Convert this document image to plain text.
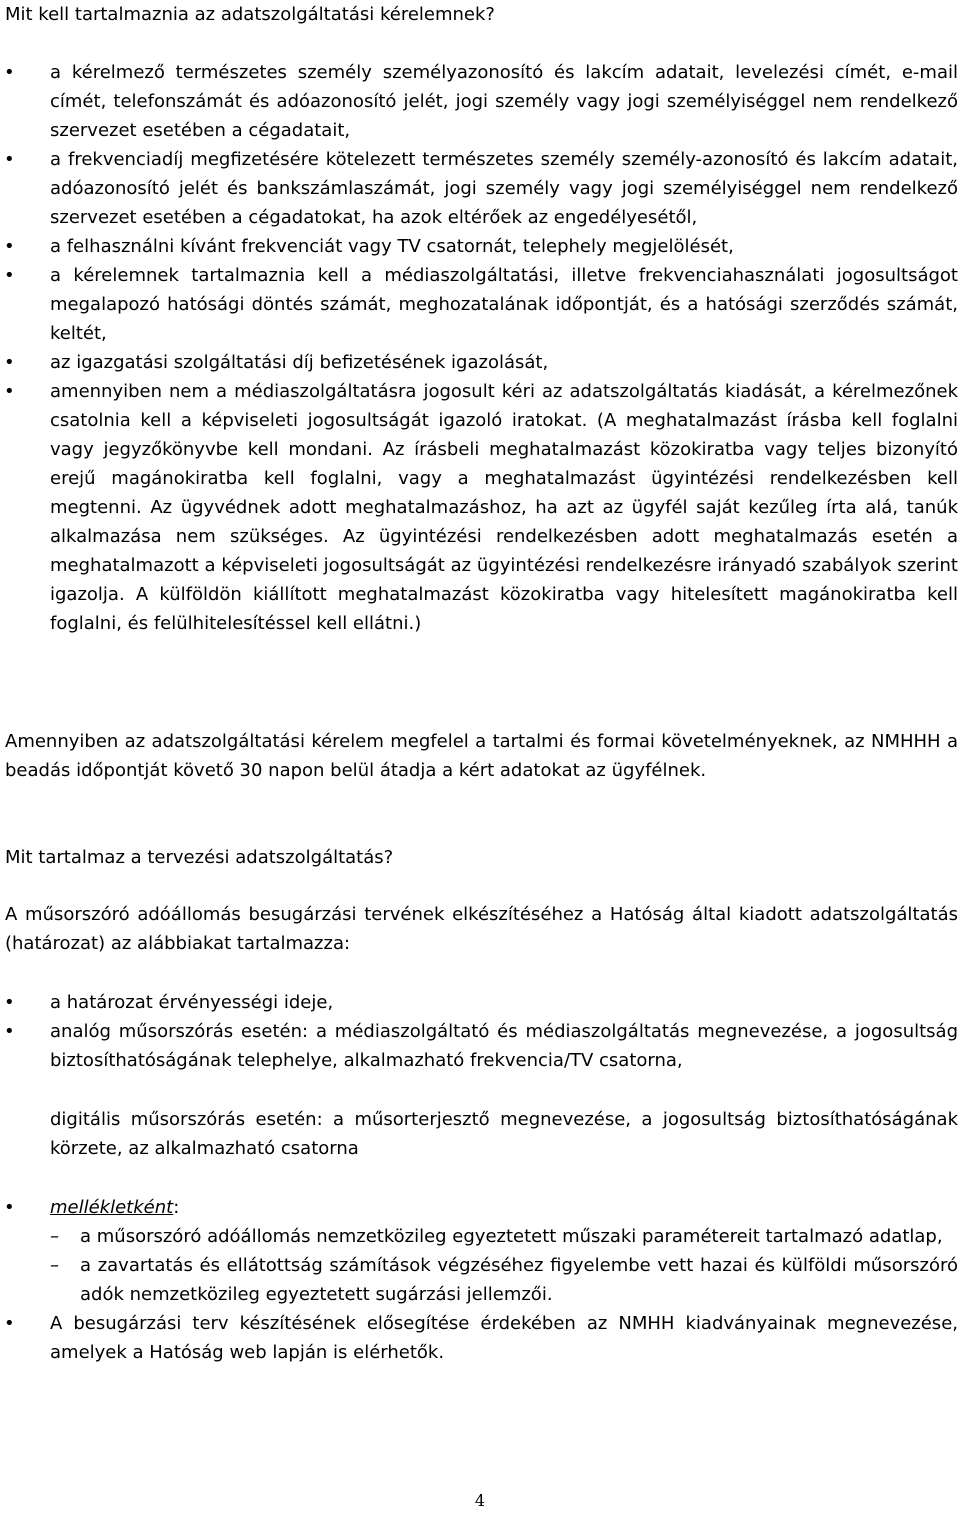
Mit kell tartalmaznia az adatszolgáltatási kérelemnek?
• a kérelmező természetes személy személyazonosító és lakcím adatait, levelezési címét, e-mail címét, telefonszámát és adóazonosító jelét, jogi személy vagy jogi személyiséggel nem rendelkező szervezet esetében a cégadatait,
• a frekvenciadíj megfizetésére kötelezett természetes személy személy-azonosító és lakcím adatait, adóazonosító jelét és bankszámlaszámát, jogi személy vagy jogi személyiséggel nem rendelkező szervezet esetében a cégadatokat, ha azok eltérőek az engedélyesétől,
• a felhasználni kívánt frekvenciát vagy TV csatornát, telephely megjelölését,
• a kérelemnek tartalmaznia kell a médiaszolgáltatási, illetve frekvenciahasználati jogosultságot megalapozó hatósági döntés számát, meghozatalának időpontját, és a hatósági szerződés számát, keltét,
• az igazgatási szolgáltatási díj befizetésének igazolását,
• amennyiben nem a médiaszolgáltatásra jogosult kéri az adatszolgáltatás kiadását, a kérelmezőnek csatolnia kell a képviseleti jogosultságát igazoló iratokat. (A meghatalmazást írásba kell foglalni vagy jegyzőkönyvbe kell mondani. Az írásbeli meghatalmazást közokiratba vagy teljes bizonyító erejű magánokiratba kell foglalni, vagy a meghatalmazást ügyintézési rendelkezésben kell megtenni. Az ügyvédnek adott meghatalmazáshoz, ha azt az ügyfél saját kezűleg írta alá, tanúk alkalmazása nem szükséges. Az ügyintézési rendelkezésben adott meghatalmazás esetén a meghatalmazott a képviseleti jogosultságát az ügyintézési rendelkezésre irányadó szabályok szerint igazolja. A külföldön kiállított meghatalmazást közokiratba vagy hitelesített magánokiratba kell foglalni, és felülhitelesítéssel kell ellátni.)

Amennyiben az adatszolgáltatási kérelem megfelel a tartalmi és formai követelményeknek, az NMHHH a beadás időpontját követő 30 napon belül átadja a kért adatokat az ügyfélnek.

Mit tartalmaz a tervezési adatszolgáltatás?

A műsorszóró adóállomás besugárzási tervének elkészítéséhez a Hatóság által kiadott adatszolgáltatás (határozat) az alábbiakat tartalmazza:

• a határozat érvényességi ideje,
• analóg műsorszórás esetén: a médiaszolgáltató és médiaszolgáltatás megnevezése, a jogosultság biztosíthatóságának telephelye, alkalmazható frekvencia/TV csatorna,

digitális műsorszórás esetén: a műsorterjesztő megnevezése, a jogosultság biztosíthatóságának körzete, az alkalmazható csatorna

• mellékletként:
– a műsorszóró adóállomás nemzetközileg egyeztetett műszaki paramétereit tartalmazó adatlap,
– a zavartatás és ellátottság számítások végzéséhez figyelembe vett hazai és külföldi műsorszóró adók nemzetközileg egyeztetett sugárzási jellemzői.
• A besugárzási terv készítésének elősegítése érdekében az NMHH kiadványainak megnevezése, amelyek a Hatóság web lapján is elérhetők.
4
